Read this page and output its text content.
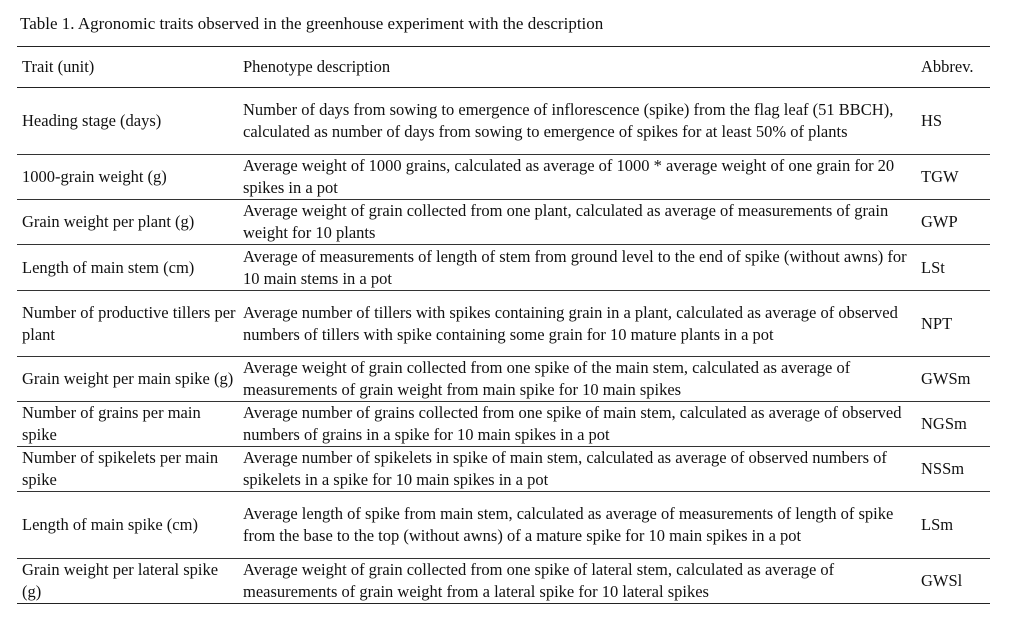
Table 1. Agronomic traits observed in the greenhouse experiment with the description
Trait (unit)	Phenotype description	Abbrev.
Heading stage (days)	Number of days from sowing to emergence of inflorescence (spike) from the flag leaf (51 BBCH), calculated as number of days from sowing to emergence of spikes for at least 50% of plants	HS
1000-grain weight (g)	Average weight of 1000 grains, calculated as average of 1000 * average weight of one grain for 20 spikes in a pot	TGW
Grain weight per plant (g)	Average weight of grain collected from one plant, calculated as average of measurements of grain weight for 10 plants	GWP
Length of main stem (cm)	Average of measurements of length of stem from ground level to the end of spike (without awns) for 10 main stems in a pot	LSt
Number of productive tillers per plant	Average number of tillers with spikes containing grain in a plant, calculated as average of observed numbers of tillers with spike containing some grain for 10 mature plants in a pot	NPT
Grain weight per main spike (g)	Average weight of grain collected from one spike of the main stem, calculated as average of measurements of grain weight from main spike for 10 main spikes	GWSm
Number of grains per main spike	Average number of grains collected from one spike of main stem, calculated as average of observed numbers of grains in a spike for 10 main spikes in a pot	NGSm
Number of spikelets per main spike	Average number of spikelets in spike of main stem, calculated as average of observed numbers of spikelets in a spike for 10 main spikes in a pot	NSSm
Length of main spike (cm)	Average length of spike from main stem, calculated as average of measurements of length of spike from the base to the top (without awns) of a mature spike for 10 main spikes in a pot	LSm
Grain weight per lateral spike (g)	Average weight of grain collected from one spike of lateral stem, calculated as average of measurements of grain weight from a lateral spike for 10 lateral spikes	GWSl
